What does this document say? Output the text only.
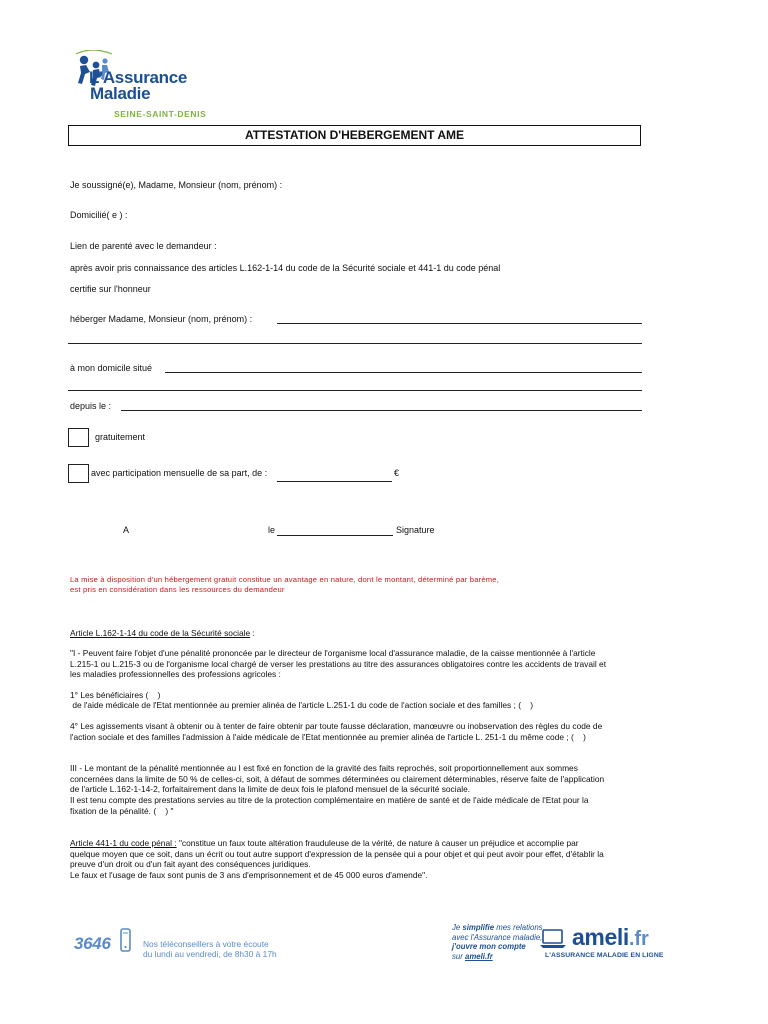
L'Assurance
Maladie
SEINE-SAINT-DENIS
ATTESTATION D'HEBERGEMENT AME
Je soussigné(e), Madame, Monsieur (nom, prénom) :
Domicilié( e ) :
Lien de parenté avec le demandeur :
après avoir pris connaissance des articles L.162-1-14 du code de la Sécurité sociale et 441-1 du code pénal
certifie sur l'honneur
héberger Madame, Monsieur (nom, prénom) :
à mon domicile situé
depuis le :
gratuitement
avec participation mensuelle de sa part, de :	€
A	le	Signature
La mise à disposition d'un hébergement gratuit constitue un avantage en nature, dont le montant, déterminé par barème,
est pris en considération dans les ressources du demandeur
Article L.162-1-14 du code de la Sécurité sociale :
"I - Peuvent faire l'objet d'une pénalité prononcée par le directeur de l'organisme local d'assurance maladie, de la caisse mentionnée à l'article L.215-1 ou L.215-3 ou de l'organisme local chargé de verser les prestations au titre des assurances obligatoires contre les accidents de travail et les maladies professionnelles des professions agricoles :
1° Les bénéficiaires (    )
de l'aide médicale de l'Etat mentionnée au premier alinéa de l'article L.251-1 du code de l'action sociale et des familles ; (    )
4° Les agissements visant à obtenir ou à tenter de faire obtenir par toute fausse déclaration, manœuvre ou inobservation des règles du code de l'action sociale et des familles l'admission à l'aide médicale de l'Etat mentionnée au premier alinéa de l'article L. 251-1 du même code ; (    )
III - Le montant de la pénalité mentionnée au I est fixé en fonction de la gravité des faits reprochés, soit proportionnellement aux sommes concernées dans la limite de 50 % de celles-ci, soit, à défaut de sommes déterminées ou clairement déterminables, réserve faite de l'application de l'article L.162-1-14-2, forfaitairement dans la limite de deux fois le plafond mensuel de la sécurité sociale.
Il est tenu compte des prestations servies au titre de la protection complémentaire en matière de santé et de l'aide médicale de l'Etat pour la fixation de la pénalité. (    ) "
Article 441-1 du code pénal : "constitue un faux toute altération frauduleuse de la vérité, de nature à causer un préjudice et accomplie par quelque moyen que ce soit, dans un écrit ou tout autre support d'expression de la pensée qui a pour objet et qui peut avoir pour effet, d'établir la preuve d'un droit ou d'un fait ayant des conséquences juridiques.
Le faux et l'usage de faux sont punis de 3 ans d'emprisonnement et de 45 000 euros d'amende".
3646	Nos téléconseillers à votre écoute
du lundi au vendredi, de 8h30 à 17h
Je simplifie mes relations
avec l'Assurance maladie,
j'ouvre mon compte
sur ameli.fr
ameli.fr
L'ASSURANCE MALADIE EN LIGNE
